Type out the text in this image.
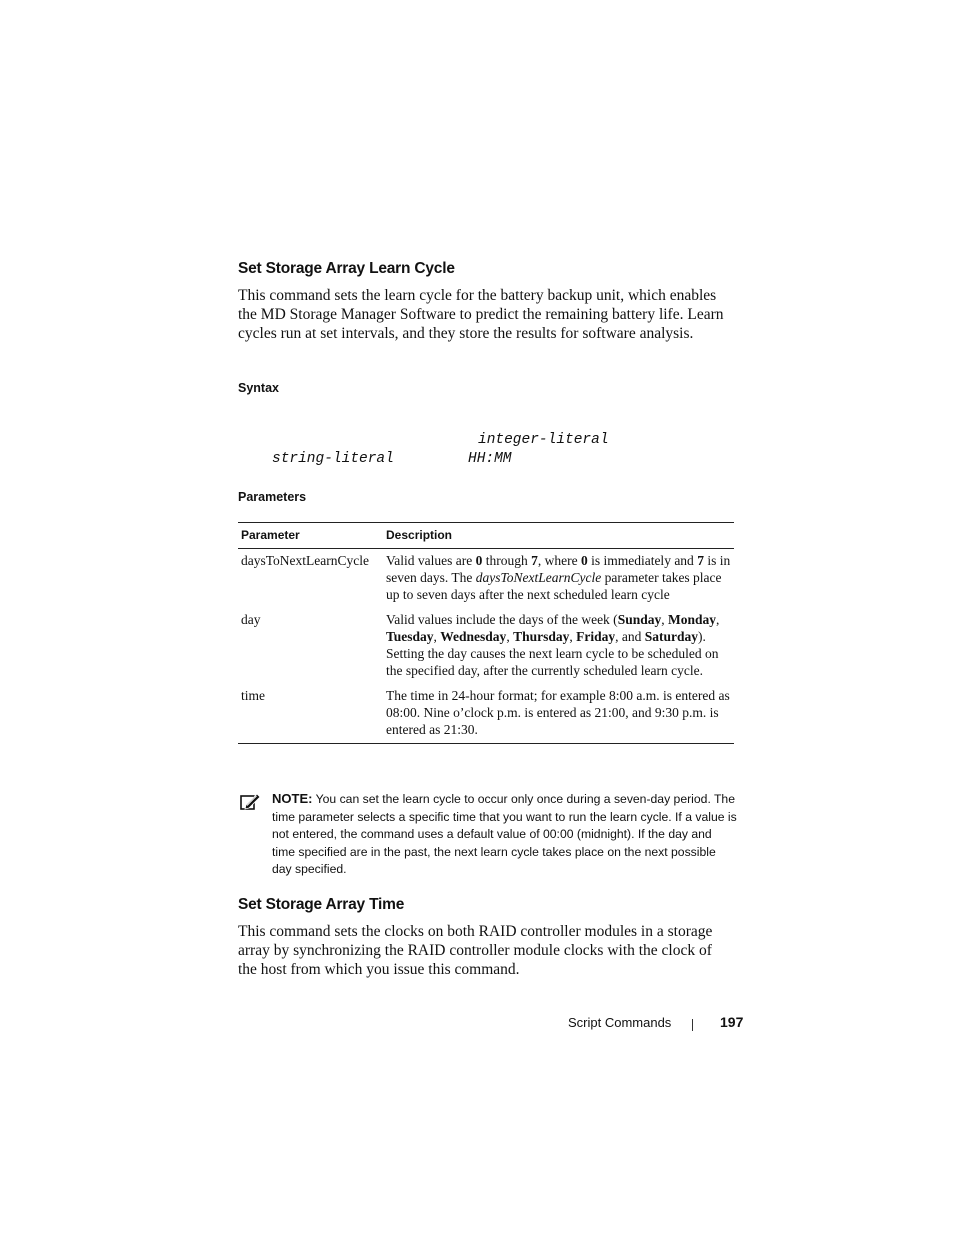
Set Storage Array Learn Cycle

This command sets the learn cycle for the battery backup unit, which enables the MD Storage Manager Software to predict the remaining battery life. Learn cycles run at set intervals, and they store the results for software analysis.

Syntax
integer-literal
string-literal	HH:MM
Parameters
Parameter	Description
daysToNextLearnCycle	Valid values are 0 through 7, where 0 is immediately and 7 is in seven days. The daysToNextLearnCycle parameter takes place up to seven days after the next scheduled learn cycle
day	Valid values include the days of the week (Sunday, Monday, Tuesday, Wednesday, Thursday, Friday, and Saturday). Setting the day causes the next learn cycle to be scheduled on the specified day, after the currently scheduled learn cycle.
time	The time in 24-hour format; for example 8:00 a.m. is entered as 08:00. Nine o’clock p.m. is entered as 21:00, and 9:30 p.m. is entered as 21:30.
NOTE: You can set the learn cycle to occur only once during a seven-day period. The time parameter selects a specific time that you want to run the learn cycle. If a value is not entered, the command uses a default value of 00:00 (midnight). If the day and time specified are in the past, the next learn cycle takes place on the next possible day specified.
Set Storage Array Time

This command sets the clocks on both RAID controller modules in a storage array by synchronizing the RAID controller module clocks with the clock of the host from which you issue this command.

Script Commands	197
